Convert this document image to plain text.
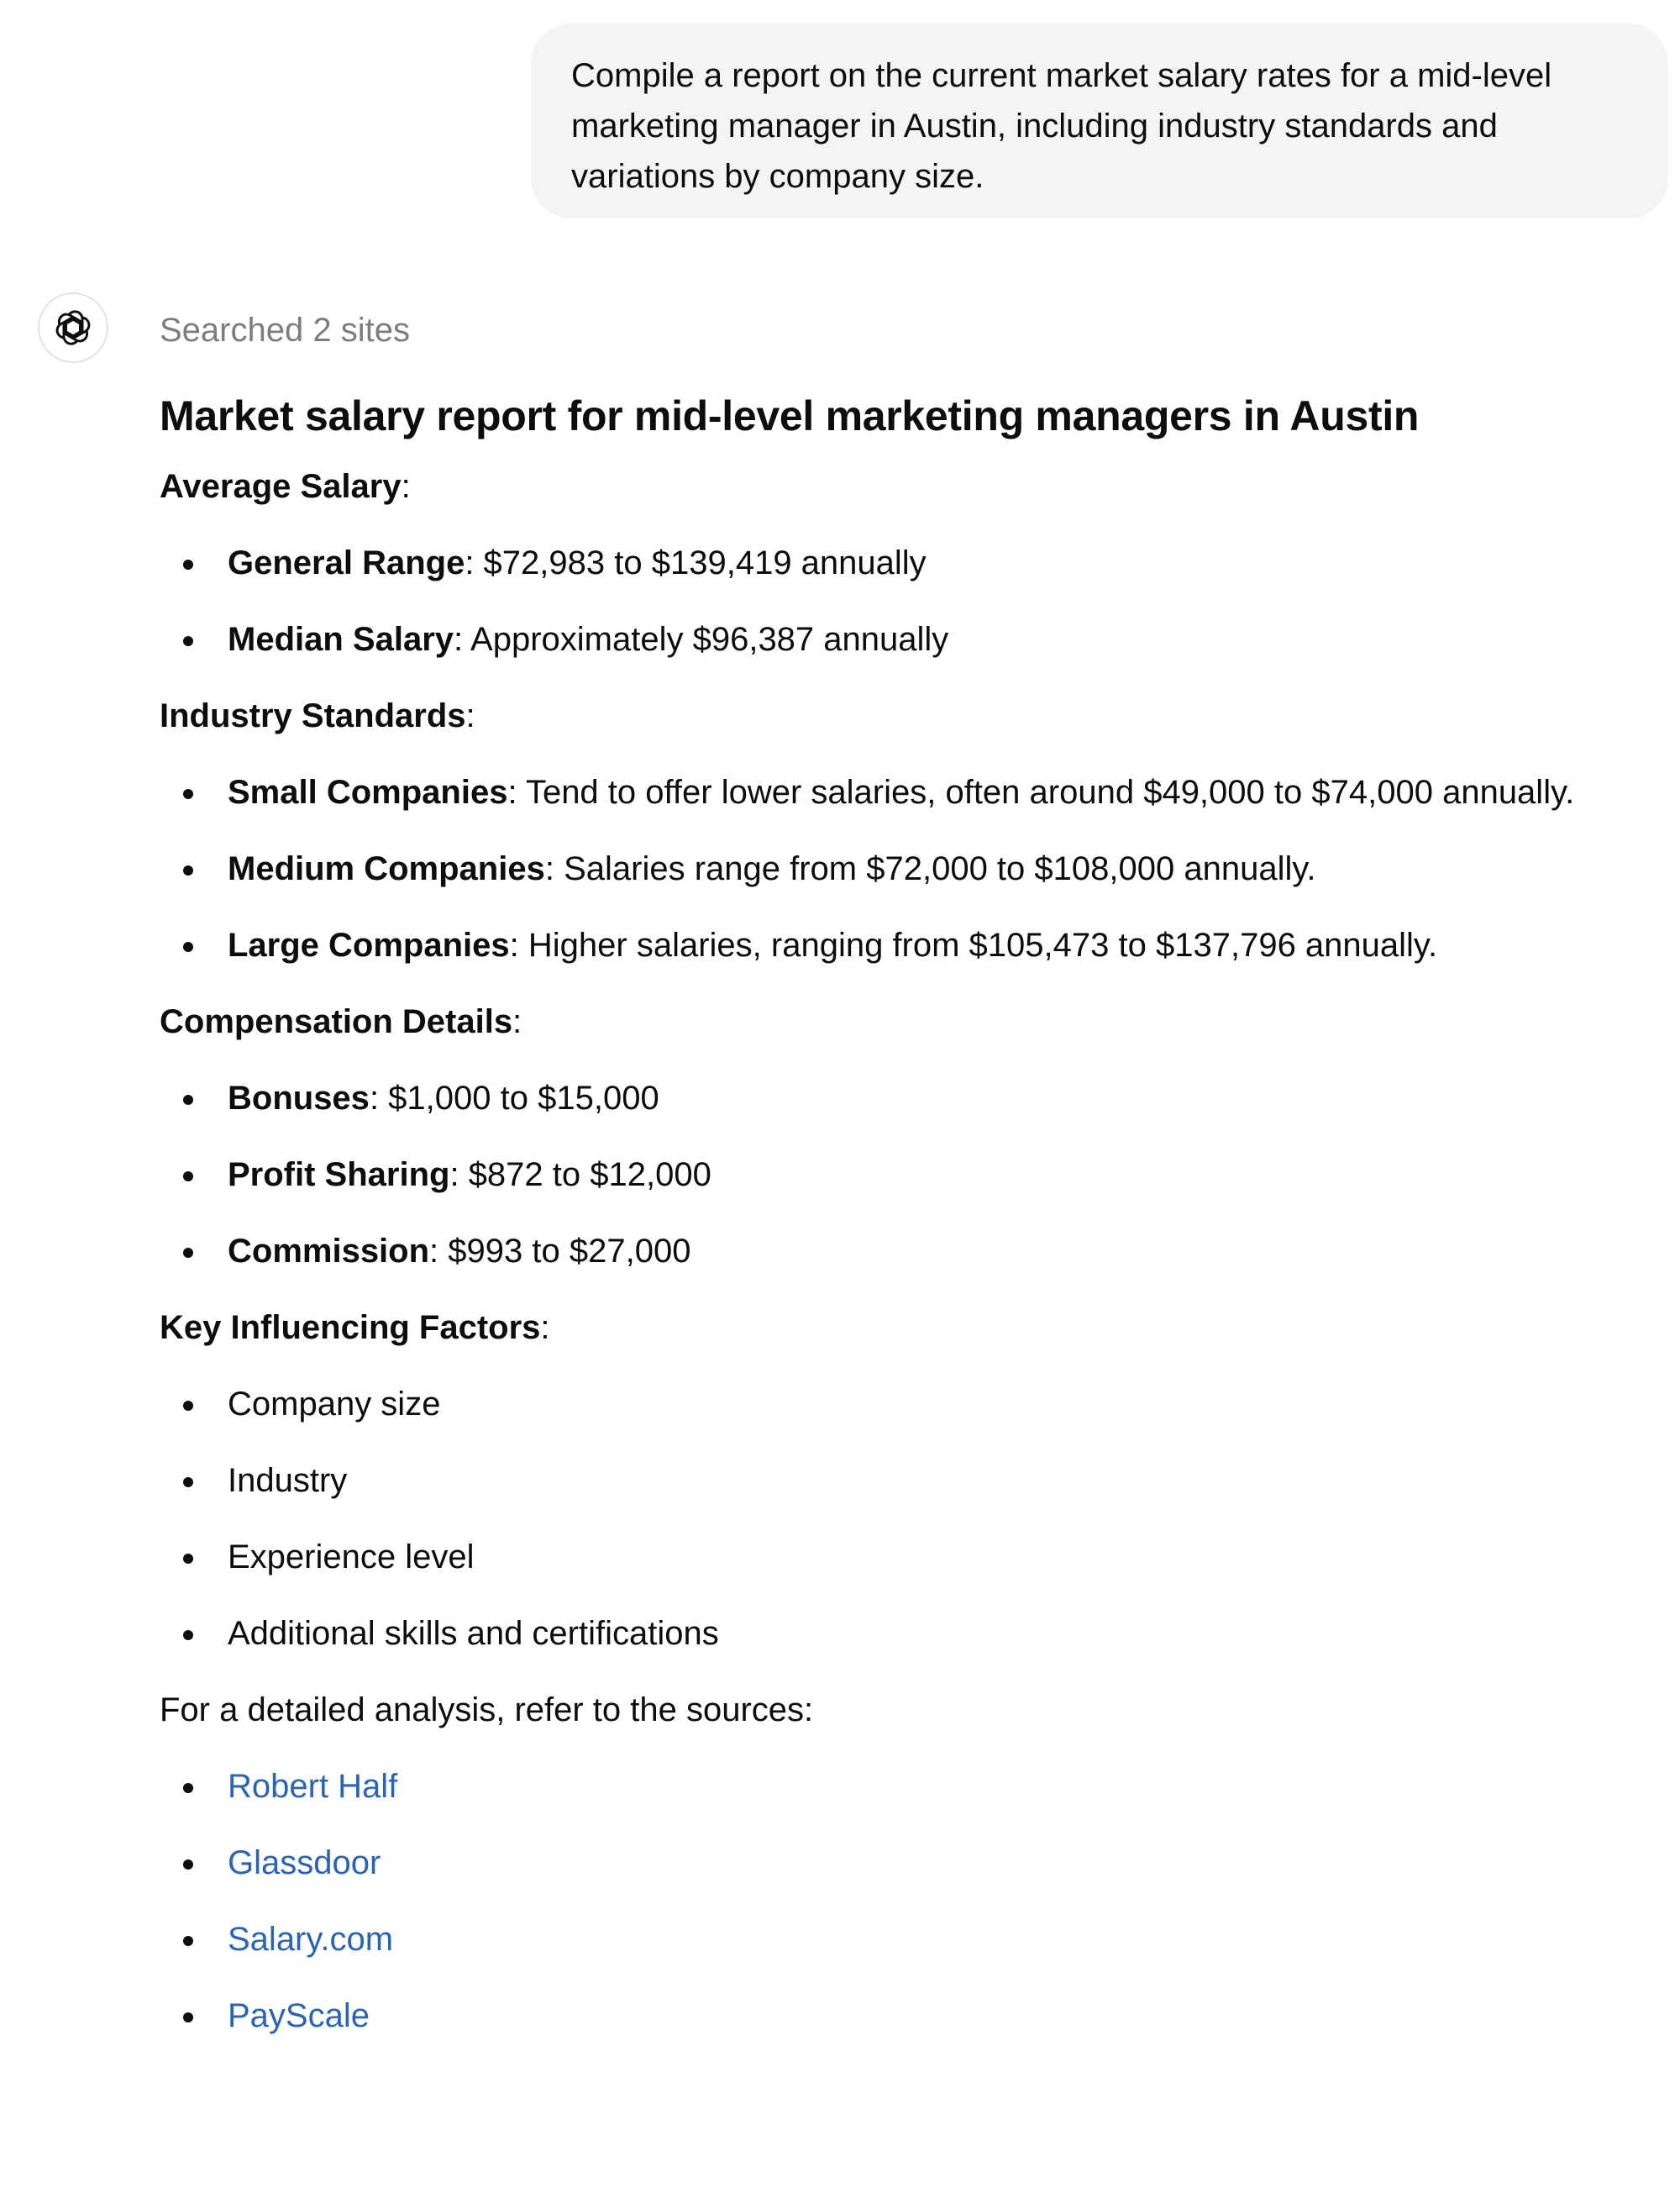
Compile a report on the current market salary rates for a mid-level marketing manager in Austin, including industry standards and variations by company size.
Searched 2 sites
Market salary report for mid-level marketing managers in Austin
Average Salary:
General Range: $72,983 to $139,419 annually
Median Salary: Approximately $96,387 annually
Industry Standards:
Small Companies: Tend to offer lower salaries, often around $49,000 to $74,000 annually.
Medium Companies: Salaries range from $72,000 to $108,000 annually.
Large Companies: Higher salaries, ranging from $105,473 to $137,796 annually.
Compensation Details:
Bonuses: $1,000 to $15,000
Profit Sharing: $872 to $12,000
Commission: $993 to $27,000
Key Influencing Factors:
Company size
Industry
Experience level
Additional skills and certifications
For a detailed analysis, refer to the sources:
Robert Half
Glassdoor
Salary.com
PayScale
